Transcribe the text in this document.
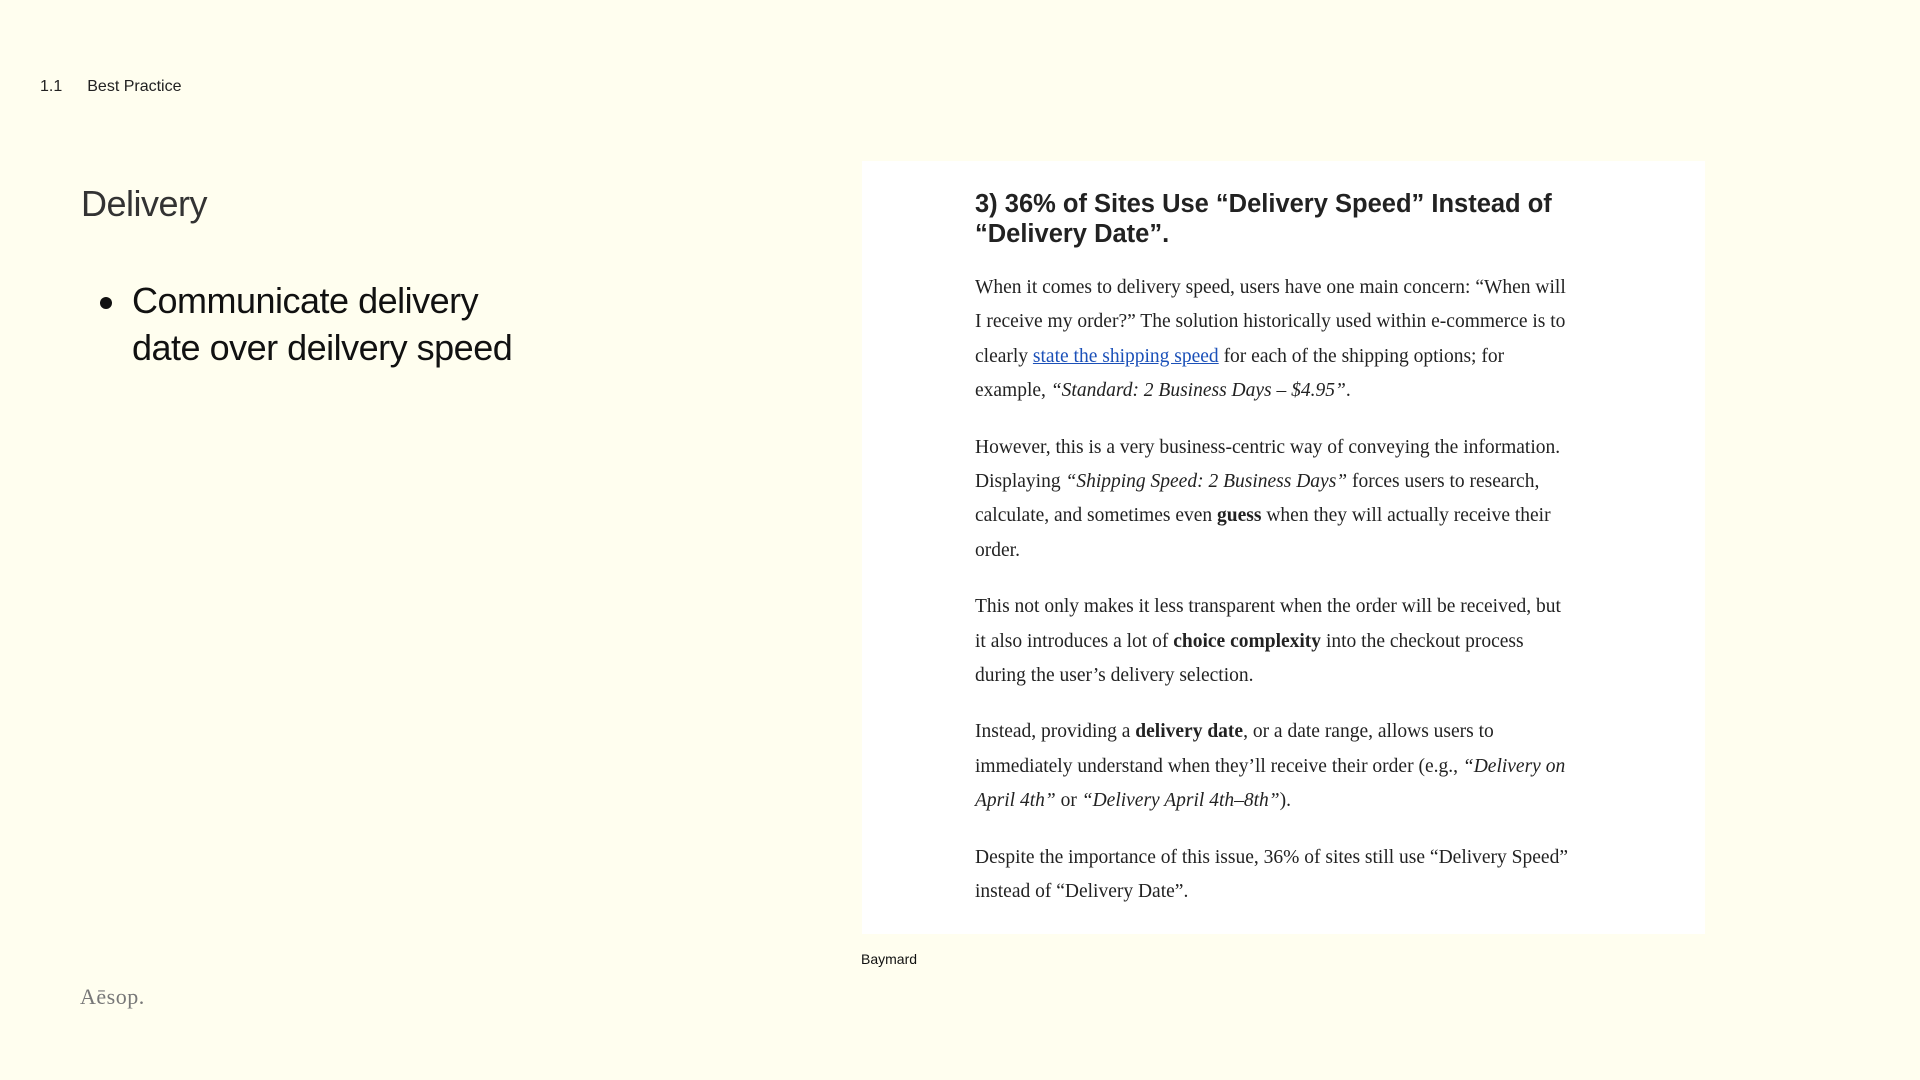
1.1 Best Practice
Delivery
Communicate delivery date over deilvery speed
3) 36% of Sites Use “Delivery Speed” Instead of “Delivery Date”.

When it comes to delivery speed, users have one main concern: “When will I receive my order?” The solution historically used within e-commerce is to clearly state the shipping speed for each of the shipping options; for example, “Standard: 2 Business Days – $4.95”.

However, this is a very business-centric way of conveying the information. Displaying “Shipping Speed: 2 Business Days” forces users to research, calculate, and sometimes even guess when they will actually receive their order.

This not only makes it less transparent when the order will be received, but it also introduces a lot of choice complexity into the checkout process during the user’s delivery selection.

Instead, providing a delivery date, or a date range, allows users to immediately understand when they’ll receive their order (e.g., “Delivery on April 4th” or “Delivery April 4th–8th”).

Despite the importance of this issue, 36% of sites still use “Delivery Speed” instead of “Delivery Date”.

Baymard
Aēsop.
